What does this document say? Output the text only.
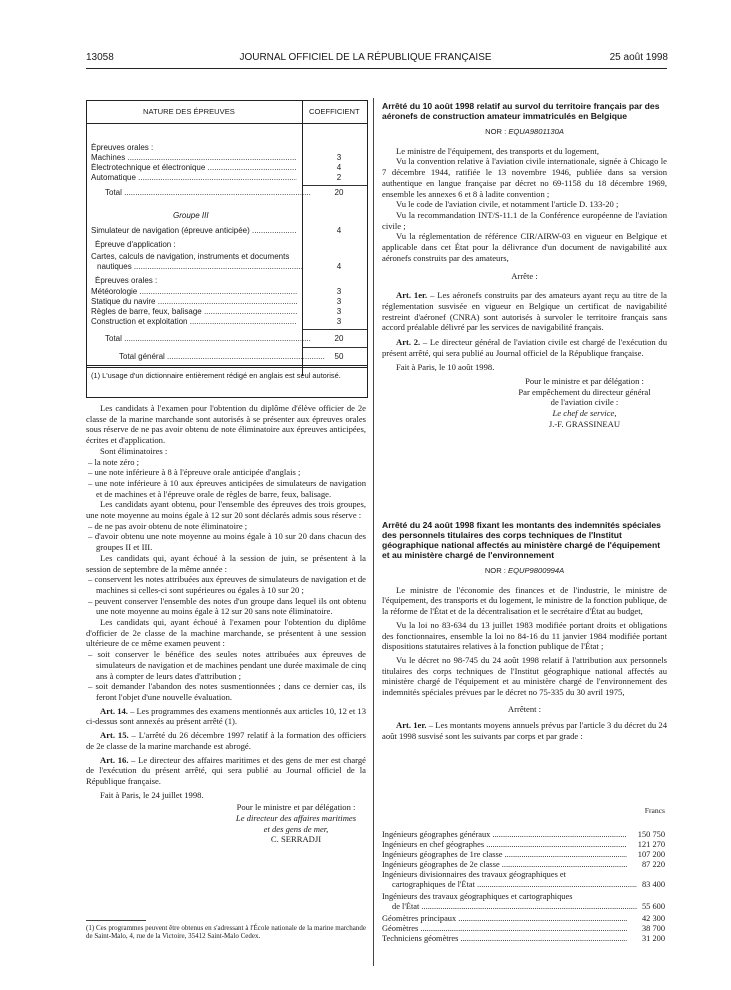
13058	JOURNAL OFFICIEL DE LA RÉPUBLIQUE FRANÇAISE	25 août 1998
NATURE DES ÉPREUVES	COEFFICIENT
Épreuves orales :
Machines .....	3
Électrotechnique et électronique .....	4
Automatique .....	2
Total .....	20
Groupe III
Simulateur de navigation (épreuve anticipée) .....	4
Épreuve d'application :
Cartes, calculs de navigation, instruments et documents
nautiques .....	4
Épreuves orales :
Météorologie .....	3
Statique du navire .....	3
Règles de barre, feux, balisage .....	3
Construction et exploitation .....	3
Total .....	20
Total général .....	50
(1) L'usage d'un dictionnaire entièrement rédigé en anglais est seul autorisé.

Les candidats à l'examen pour l'obtention du diplôme d'élève officier de 2e classe de la marine marchande sont autorisés à se présenter aux épreuves orales sous réserve de ne pas avoir obtenu de note éliminatoire aux épreuves anticipées, écrites et d'application.

Sont éliminatoires :

– la note zéro ;

– une note inférieure à 8 à l'épreuve orale anticipée d'anglais ;

– une note inférieure à 10 aux épreuves anticipées de simulateurs de navigation et de machines et à l'épreuve orale de règles de barre, feux, balisage.

Les candidats ayant obtenu, pour l'ensemble des épreuves des trois groupes, une note moyenne au moins égale à 12 sur 20 sont déclarés admis sous réserve :

– de ne pas avoir obtenu de note éliminatoire ;

– d'avoir obtenu une note moyenne au moins égale à 10 sur 20 dans chacun des groupes II et III.

Les candidats qui, ayant échoué à la session de juin, se présentent à la session de septembre de la même année :

– conservent les notes attribuées aux épreuves de simulateurs de navigation et de machines si celles-ci sont supérieures ou égales à 10 sur 20 ;

– peuvent conserver l'ensemble des notes d'un groupe dans lequel ils ont obtenu une note moyenne au moins égale à 12 sur 20 sans note éliminatoire.

Les candidats qui, ayant échoué à l'examen pour l'obtention du diplôme d'officier de 2e classe de la machine marchande, se présentent à une session ultérieure de ce même examen peuvent :

– soit conserver le bénéfice des seules notes attribuées aux épreuves de simulateurs de navigation et de machines pendant une durée maximale de cinq ans à compter de leurs dates d'attribution ;

– soit demander l'abandon des notes susmentionnées ; dans ce dernier cas, ils feront l'objet d'une nouvelle évaluation.

Art. 14. – Les programmes des examens mentionnés aux articles 10, 12 et 13 ci-dessus sont annexés au présent arrêté (1).

Art. 15. – L'arrêté du 26 décembre 1997 relatif à la formation des officiers de 2e classe de la marine marchande est abrogé.

Art. 16. – Le directeur des affaires maritimes et des gens de mer est chargé de l'exécution du présent arrêté, qui sera publié au Journal officiel de la République française.

Fait à Paris, le 24 juillet 1998.

Pour le ministre et par délégation :

Le directeur des affaires maritimes

et des gens de mer,

C. SERRADJI

(1) Ces programmes peuvent être obtenus en s'adressant à l'École nationale de la marine marchande de Saint-Malo, 4, rue de la Victoire, 35412 Saint-Malo Cedex.
Arrêté du 10 août 1998 relatif au survol du territoire français par des aéronefs de construction amateur immatriculés en Belgique
NOR : EQUA9801130A

Le ministre de l'équipement, des transports et du logement,

Vu la convention relative à l'aviation civile internationale, signée à Chicago le 7 décembre 1944, ratifiée le 13 novembre 1946, publiée dans sa version authentique en langue française par décret no 69-1158 du 18 décembre 1969, ensemble les annexes 6 et 8 à ladite convention ;

Vu le code de l'aviation civile, et notamment l'article D. 133-20 ;

Vu la recommandation INT/S-11.1 de la Conférence européenne de l'aviation civile ;

Vu la réglementation de référence CIR/AIRW-03 en vigueur en Belgique et applicable dans cet État pour la délivrance d'un document de navigabilité aux aéronefs construits par des amateurs,

Arrête :

Art. 1er. – Les aéronefs construits par des amateurs ayant reçu au titre de la réglementation susvisée en vigueur en Belgique un certificat de navigabilité restreint d'aéronef (CNRA) sont autorisés à survoler le territoire français sans accord préalable délivré par les services de navigabilité français.

Art. 2. – Le directeur général de l'aviation civile est chargé de l'exécution du présent arrêté, qui sera publié au Journal officiel de la République française.

Fait à Paris, le 10 août 1998.

Pour le ministre et par délégation :

Par empêchement du directeur général

de l'aviation civile :

Le chef de service,

J.-F. GRASSINEAU

Arrêté du 24 août 1998 fixant les montants des indemnités spéciales des personnels titulaires des corps techniques de l'Institut géographique national affectés au ministère chargé de l'équipement et au ministère chargé de l'environnement
NOR : EQUP9800994A

Le ministre de l'économie des finances et de l'industrie, le ministre de l'équipement, des transports et du logement, le ministre de la fonction publique, de la réforme de l'État et de la décentralisation et le secrétaire d'État au budget,

Vu la loi no 83-634 du 13 juillet 1983 modifiée portant droits et obligations des fonctionnaires, ensemble la loi no 84-16 du 11 janvier 1984 modifiée portant dispositions statutaires relatives à la fonction publique de l'État ;

Vu le décret no 98-745 du 24 août 1998 relatif à l'attribution aux personnels titulaires des corps techniques de l'Institut géographique national affectés au ministère chargé de l'équipement et au ministère chargé de l'environnement des indemnités spéciales prévues par le décret no 75-335 du 30 avril 1975,

Arrêtent :

Art. 1er. – Les montants moyens annuels prévus par l'article 3 du décret du 24 août 1998 susvisé sont les suivants par corps et par grade :

Francs
Ingénieurs géographes généraux .....	150 750
Ingénieurs en chef géographes .....	121 270
Ingénieurs géographes de 1re classe .....	107 200
Ingénieurs géographes de 2e classe .....	87 220
Ingénieurs divisionnaires des travaux géographiques et
cartographiques de l'État .....	83 400
Ingénieurs des travaux géographiques et cartographiques
de l'État .....	55 600
Géomètres principaux .....	42 300
Géomètres .....	38 700
Techniciens géomètres .....	31 200
